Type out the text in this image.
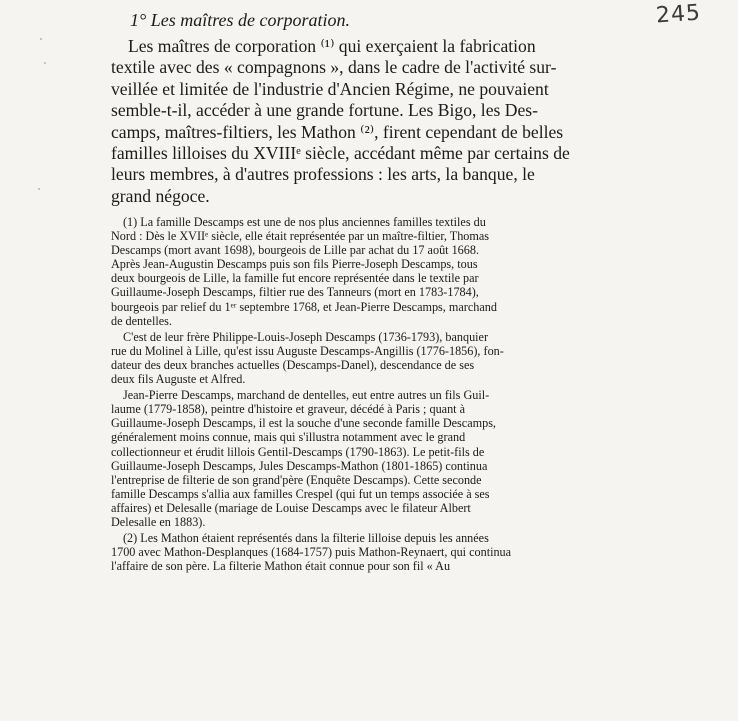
245
1° Les maîtres de corporation.

Les maîtres de corporation ⁽¹⁾ qui exerçaient la fabrication
textile avec des « compagnons », dans le cadre de l'activité sur-
veillée et limitée de l'industrie d'Ancien Régime, ne pouvaient
semble-t-il, accéder à une grande fortune. Les Bigo, les Des-
camps, maîtres-filtiers, les Mathon ⁽²⁾, firent cependant de belles
familles lilloises du XVIIIᵉ siècle, accédant même par certains de
leurs membres, à d'autres professions : les arts, la banque, le
grand négoce.

(1) La famille Descamps est une de nos plus anciennes familles textiles du
Nord : Dès le XVIIᵉ siècle, elle était représentée par un maître-filtier, Thomas
Descamps (mort avant 1698), bourgeois de Lille par achat du 17 août 1668.
Après Jean-Augustin Descamps puis son fils Pierre-Joseph Descamps, tous
deux bourgeois de Lille, la famille fut encore représentée dans le textile par
Guillaume-Joseph Descamps, filtier rue des Tanneurs (mort en 1783-1784),
bourgeois par relief du 1ᵉʳ septembre 1768, et Jean-Pierre Descamps, marchand
de dentelles.
C'est de leur frère Philippe-Louis-Joseph Descamps (1736-1793), banquier
rue du Molinel à Lille, qu'est issu Auguste Descamps-Angillis (1776-1856), fon-
dateur des deux branches actuelles (Descamps-Danel), descendance de ses
deux fils Auguste et Alfred.
Jean-Pierre Descamps, marchand de dentelles, eut entre autres un fils Guil-
laume (1779-1858), peintre d'histoire et graveur, décédé à Paris ; quant à
Guillaume-Joseph Descamps, il est la souche d'une seconde famille Descamps,
généralement moins connue, mais qui s'illustra notamment avec le grand
collectionneur et érudit lillois Gentil-Descamps (1790-1863). Le petit-fils de
Guillaume-Joseph Descamps, Jules Descamps-Mathon (1801-1865) continua
l'entreprise de filterie de son grand'père (Enquête Descamps). Cette seconde
famille Descamps s'allia aux familles Crespel (qui fut un temps associée à ses
affaires) et Delesalle (mariage de Louise Descamps avec le filateur Albert
Delesalle en 1883).
(2) Les Mathon étaient représentés dans la filterie lilloise depuis les années
1700 avec Mathon-Desplanques (1684-1757) puis Mathon-Reynaert, qui continua
l'affaire de son père. La filterie Mathon était connue pour son fil « Au
